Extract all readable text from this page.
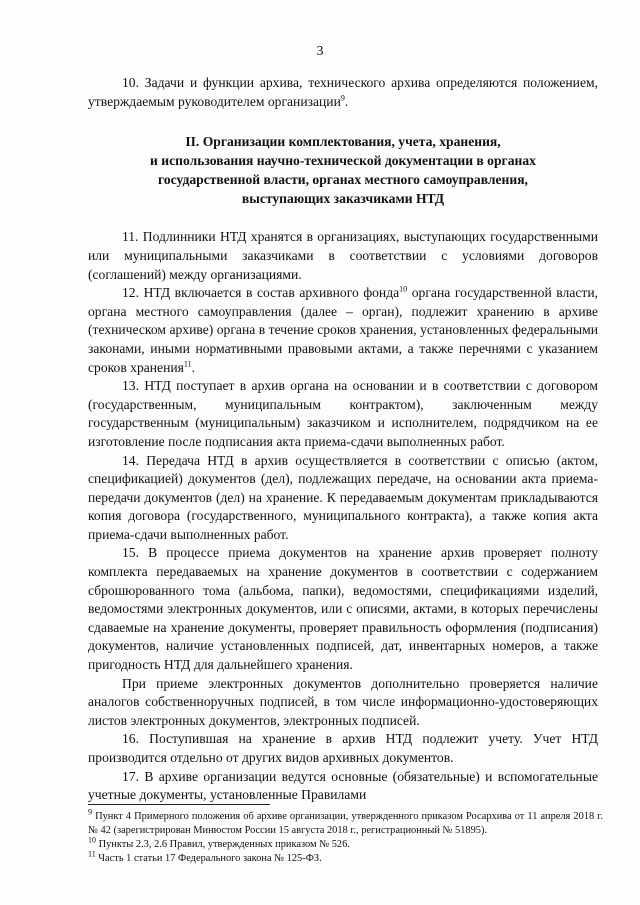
3

10. Задачи и функции архива, технического архива определяются положением, утверждаемым руководителем организации$^9$.

II. Организации комплектования, учета, хранения,
и использования научно-технической документации в органах
государственной власти, органах местного самоуправления,
выступающих заказчиками НТД

11. Подлинники НТД хранятся в организациях, выступающих государственными или муниципальными заказчиками в соответствии с условиями договоров (соглашений) между организациями.

12. НТД включается в состав архивного фонда$^{10}$ органа государственной власти, органа местного самоуправления (далее – орган), подлежит хранению в архиве (техническом архиве) органа в течение сроков хранения, установленных федеральными законами, иными нормативными правовыми актами, а также перечнями с указанием сроков хранения$^{11}$.

13. НТД поступает в архив органа на основании и в соответствии с договором (государственным, муниципальным контрактом), заключенным между государственным (муниципальным) заказчиком и исполнителем, подрядчиком на ее изготовление после подписания акта приема-сдачи выполненных работ.

14. Передача НТД в архив осуществляется в соответствии с описью (актом, спецификацией) документов (дел), подлежащих передаче, на основании акта приема-передачи документов (дел) на хранение. К передаваемым документам прикладываются копия договора (государственного, муниципального контракта), а также копия акта приема-сдачи выполненных работ.

15. В процессе приема документов на хранение архив проверяет полноту комплекта передаваемых на хранение документов в соответствии с содержанием сброшюрованного тома (альбома, папки), ведомостями, спецификациями изделий, ведомостями электронных документов, или с описями, актами, в которых перечислены сдаваемые на хранение документы, проверяет правильность оформления (подписания) документов, наличие установленных подписей, дат, инвентарных номеров, а также пригодность НТД для дальнейшего хранения.

При приеме электронных документов дополнительно проверяется наличие аналогов собственноручных подписей, в том числе информационно-удостоверяющих листов электронных документов, электронных подписей.

16. Поступившая на хранение в архив НТД подлежит учету. Учет НТД производится отдельно от других видов архивных документов.

17. В архиве организации ведутся основные (обязательные) и вспомогательные учетные документы, установленные Правилами

$^9$ Пункт 4 Примерного положения об архиве организации, утвержденного приказом Росархива от 11 апреля 2018 г. № 42 (зарегистрирован Минюстом России 15 августа 2018 г., регистрационный № 51895).

$^{10}$ Пункты 2.3, 2.6 Правил, утвержденных приказом № 526.

$^{11}$ Часть 1 статьи 17 Федерального закона № 125-ФЗ.
